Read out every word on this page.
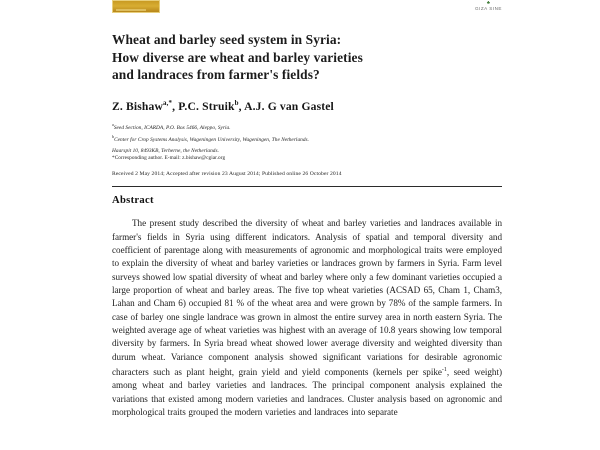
♣
GIZA SINE
Wheat and barley seed system in Syria:
How diverse are wheat and barley varieties
and landraces from farmer's fields?
Z. Bishaw$^{a,*}$, P.C. Struik$^b$, A.J. G van Gastel
$^a$Seed Section, ICARDA, P.O. Box 5466, Aleppo, Syria.
$^b$Center for Crop Systems Analysis, Wageningen University, Wageningen, The Netherlands.
Haarspit 10, 8493KB, Terherne, the Netherlands.
*Corresponding author. E-mail: z.bishaw@cgiar.org
Received 2 May 2014; Accepted after revision 23 August 2014; Published online 26 October 2014
Abstract
The present study described the diversity of wheat and barley varieties and landraces available in farmer's fields in Syria using different indicators. Analysis of spatial and temporal diversity and coefficient of parentage along with measurements of agronomic and morphological traits were employed to explain the diversity of wheat and barley varieties or landraces grown by farmers in Syria. Farm level surveys showed low spatial diversity of wheat and barley where only a few dominant varieties occupied a large proportion of wheat and barley areas. The five top wheat varieties (ACSAD 65, Cham 1, Cham3, Lahan and Cham 6) occupied 81 % of the wheat area and were grown by 78% of the sample farmers. In case of barley one single landrace was grown in almost the entire survey area in north eastern Syria. The weighted average age of wheat varieties was highest with an average of 10.8 years showing low temporal diversity by farmers. In Syria bread wheat showed lower average diversity and weighted diversity than durum wheat. Variance component analysis showed significant variations for desirable agronomic characters such as plant height, grain yield and yield components (kernels per spike$^{-1}$, seed weight) among wheat and barley varieties and landraces. The principal component analysis explained the variations that existed among modern varieties and landraces. Cluster analysis based on agronomic and morphological traits grouped the modern varieties and landraces into separate
